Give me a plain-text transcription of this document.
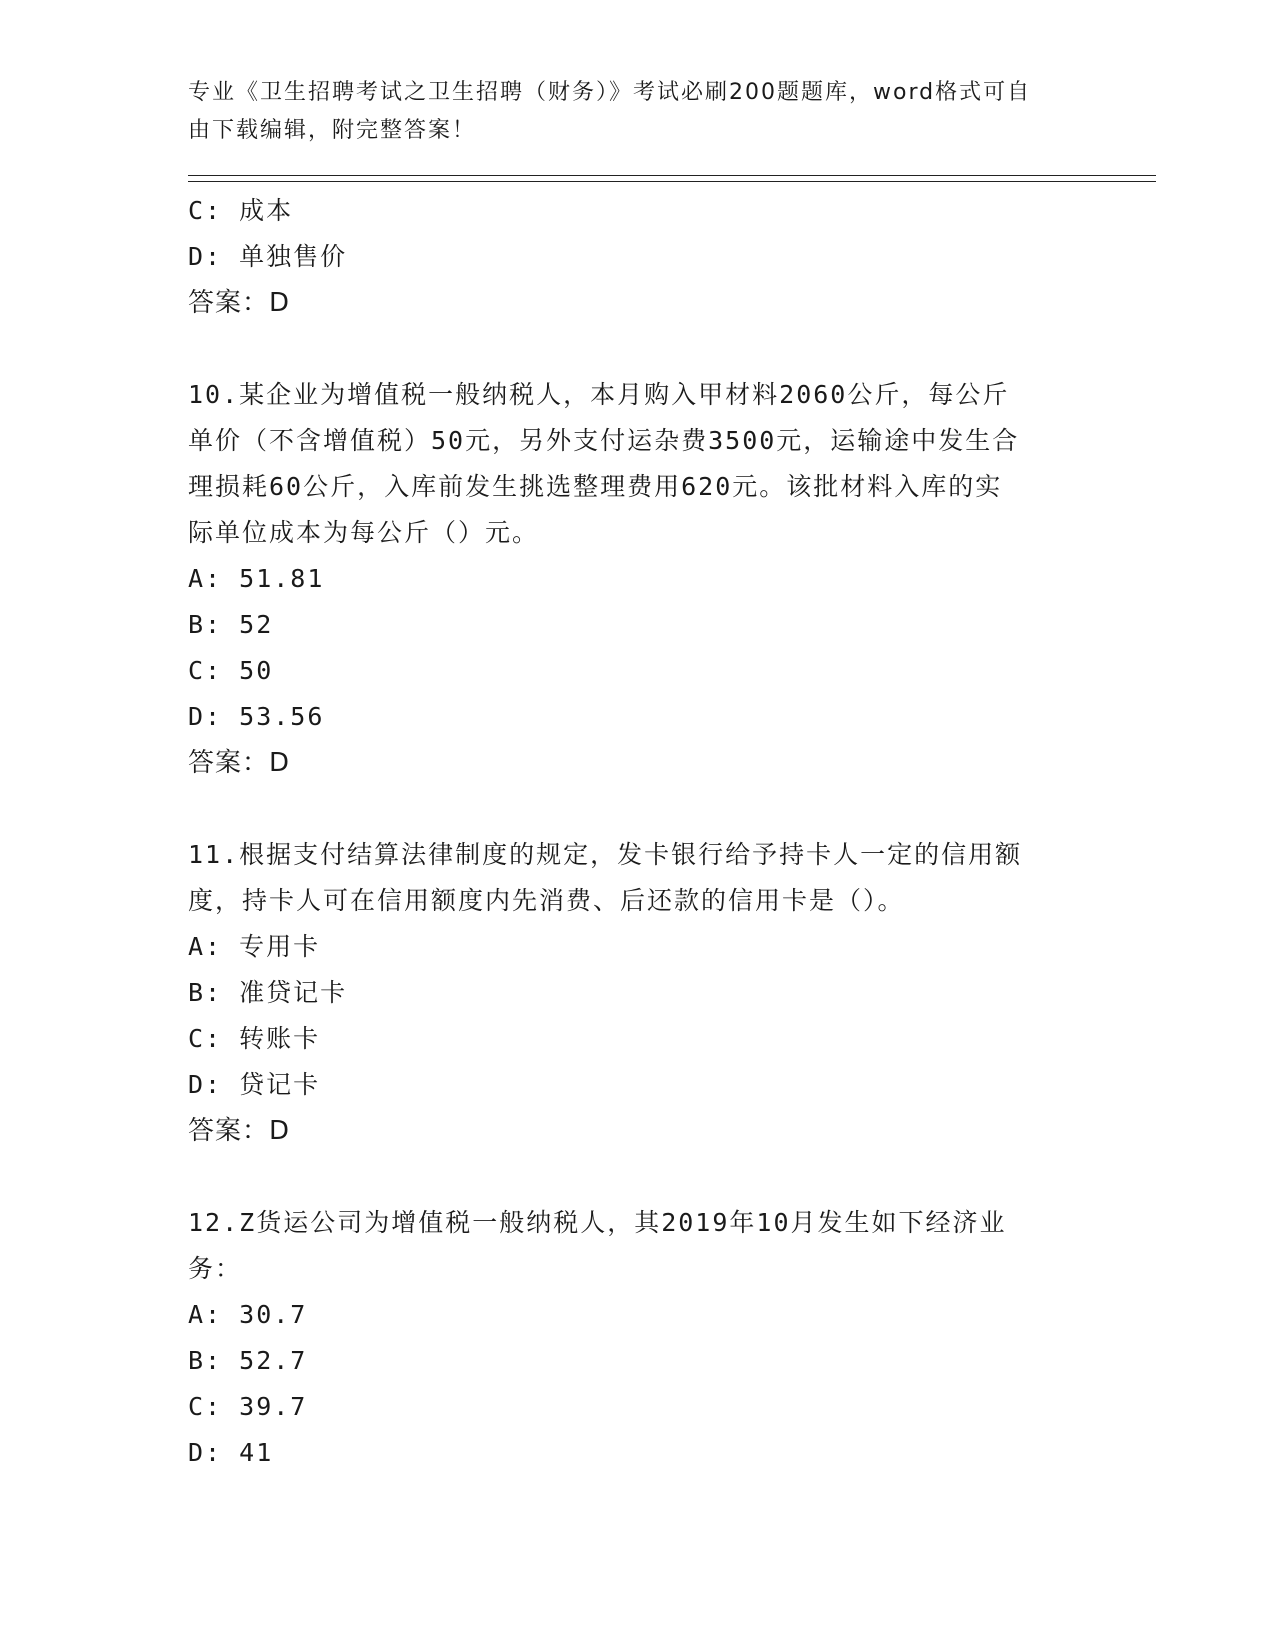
专业《卫生招聘考试之卫生招聘（财务）》考试必刷200题题库，word格式可自
由下载编辑，附完整答案！
C: 成本
D: 单独售价
答案：D
10.某企业为增值税一般纳税人，本月购入甲材料2060公斤，每公斤
单价（不含增值税）50元，另外支付运杂费3500元，运输途中发生合
理损耗60公斤，入库前发生挑选整理费用620元。该批材料入库的实
际单位成本为每公斤（）元。
A: 51.81
B: 52
C: 50
D: 53.56
答案：D
11.根据支付结算法律制度的规定，发卡银行给予持卡人一定的信用额
度，持卡人可在信用额度内先消费、后还款的信用卡是（）。
A: 专用卡
B: 准贷记卡
C: 转账卡
D: 贷记卡
答案：D
12.Z货运公司为增值税一般纳税人，其2019年10月发生如下经济业
务：
A: 30.7
B: 52.7
C: 39.7
D: 41
